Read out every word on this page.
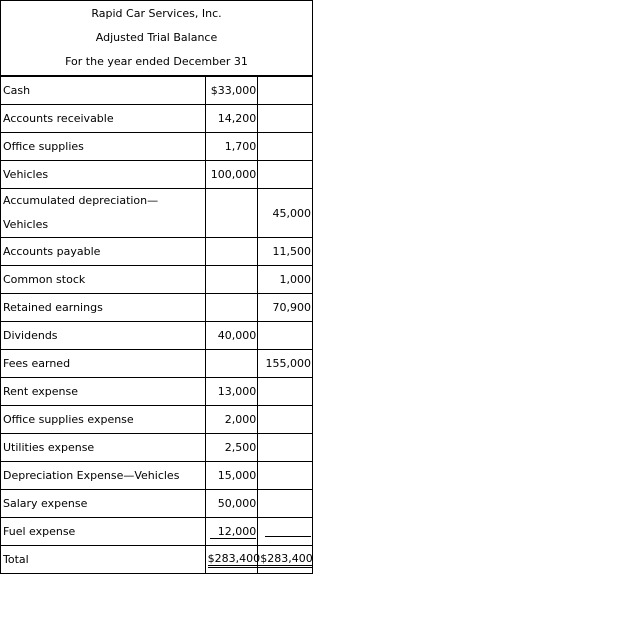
Rapid Car Services, Inc.
Adjusted Trial Balance
For the year ended December 31
Cash	$33,000	
Accounts receivable	14,200	
Office supplies	1,700	
Vehicles	100,000	
Accumulated depreciation—Vehicles		45,000
Accounts payable		11,500
Common stock		1,000
Retained earnings		70,900
Dividends	40,000	
Fees earned		155,000
Rent expense	13,000	
Office supplies expense	2,000	
Utilities expense	2,500	
Depreciation Expense—Vehicles	15,000	
Salary expense	50,000	
Fuel expense	12,000	
Total	$283,400	$283,400
